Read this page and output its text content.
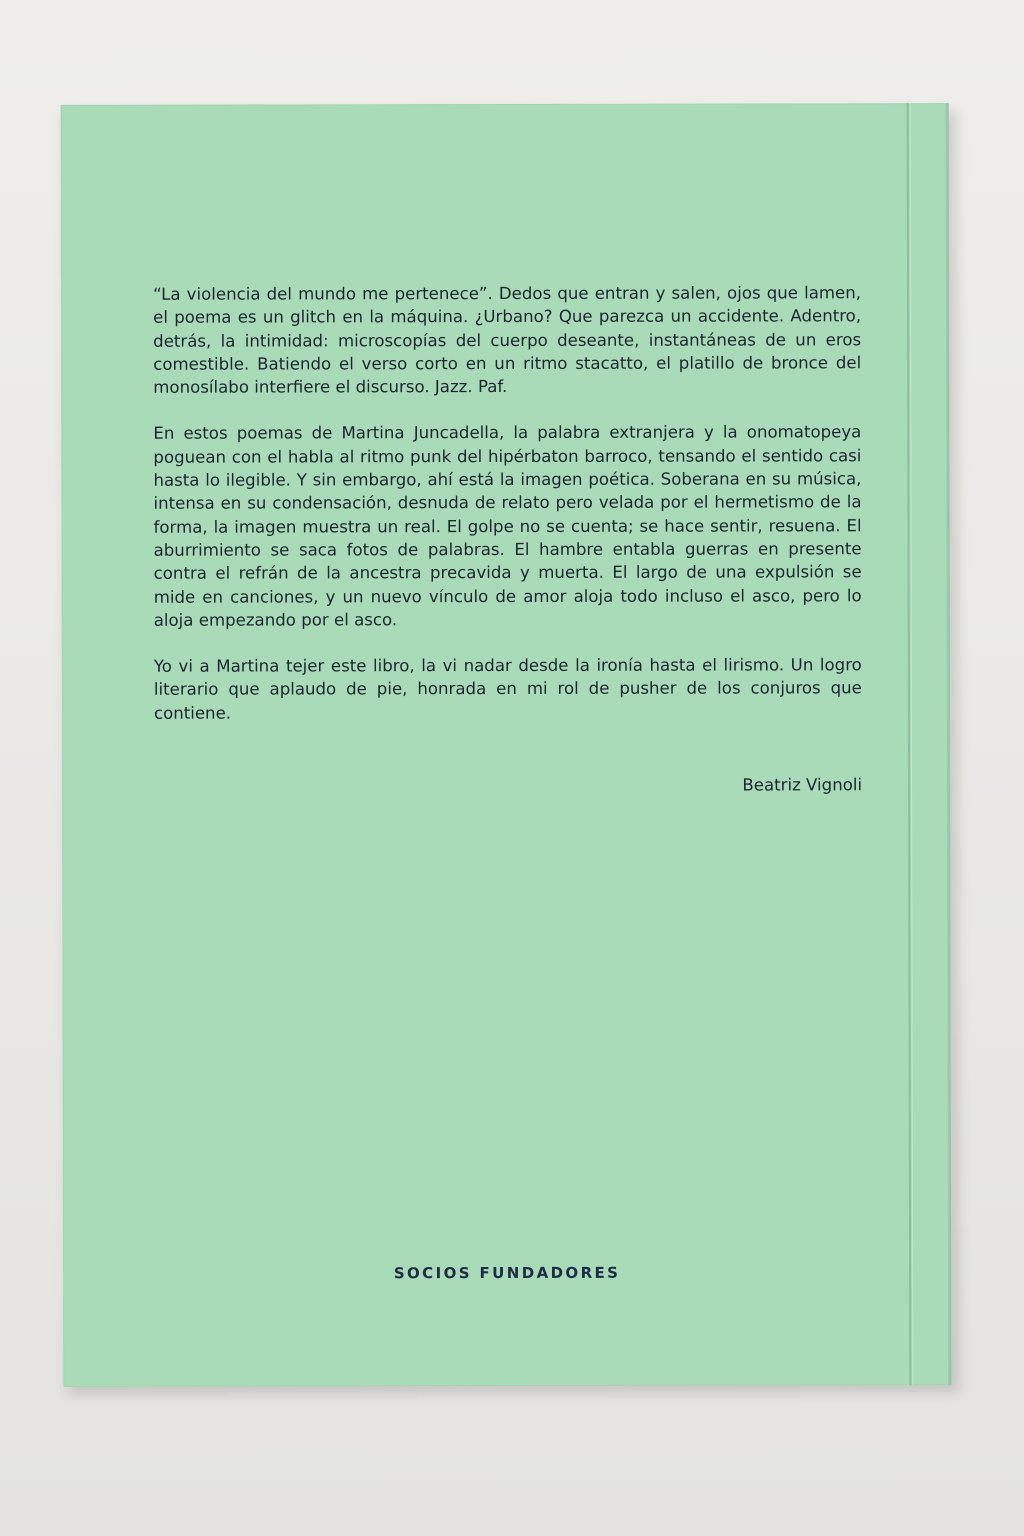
“La violencia del mundo me pertenece”. Dedos que entran y salen, ojos que lamen, el poema es un glitch en la máquina. ¿Urbano? Que parezca un accidente. Adentro, detrás, la intimidad: microscopías del cuerpo deseante, instantáneas de un eros comestible. Batiendo el verso corto en un ritmo stacatto, el platillo de bronce del monosílabo interfiere el discurso. Jazz. Paf.

En estos poemas de Martina Juncadella, la palabra extranjera y la onomatopeya poguean con el habla al ritmo punk del hipérbaton barroco, tensando el sentido casi hasta lo ilegible. Y sin embargo, ahí está la imagen poética. Soberana en su música, intensa en su condensación, desnuda de relato pero velada por el hermetismo de la forma, la imagen muestra un real. El golpe no se cuenta; se hace sentir, resuena. El aburrimiento se saca fotos de palabras. El hambre entabla guerras en presente contra el refrán de la ancestra precavida y muerta. El largo de una expulsión se mide en canciones, y un nuevo vínculo de amor aloja todo incluso el asco, pero lo aloja empezando por el asco.

Yo vi a Martina tejer este libro, la vi nadar desde la ironía hasta el lirismo. Un logro literario que aplaudo de pie, honrada en mi rol de pusher de los conjuros que contiene.

Beatriz Vignoli
SOCIOS FUNDADORES
